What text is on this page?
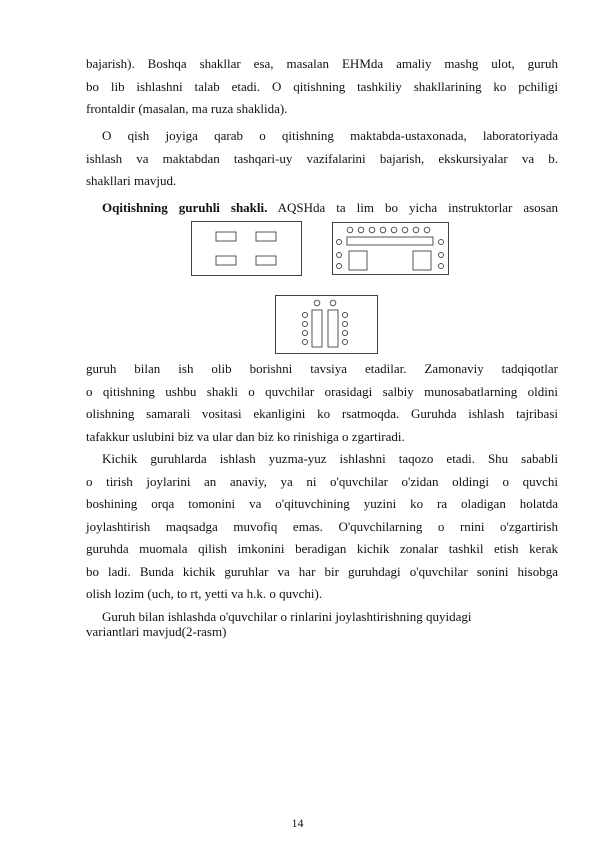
bajarish). Boshqa shakllar esa, masalan EHMda amaliy mashg ulot, guruh
bo lib ishlashni talab etadi. O qitishning tashkiliy shakllarining ko pchiligi
frontaldir (masalan, ma ruza shaklida).

O qish joyiga qarab o qitishning maktabda-ustaxonada, laboratoriyada
ishlash va maktabdan tashqari-uy vazifalarini bajarish, ekskursiyalar va b.
shakllari mavjud.

Oqitishning guruhli shakli. AQSHda ta lim bo yicha instruktorlar asosan

guruh bilan ish olib borishni tavsiya etadilar. Zamonaviy tadqiqotlar
o qitishning ushbu shakli o quvchilar orasidagi salbiy munosabatlarning oldini
olishning samarali vositasi ekanligini ko rsatmoqda. Guruhda ishlash tajribasi
tafakkur uslubini biz va ular dan biz ko rinishiga o zgartiradi.

Kichik guruhlarda ishlash yuzma-yuz ishlashni taqozo etadi. Shu sababli
o tirish joylarini an anaviy, ya ni o'quvchilar o'zidan oldingi o quvchi
boshining orqa tomonini va o'qituvchining yuzini ko ra oladigan holatda
joylashtirish maqsadga muvofiq emas. O'quvchilarning o rnini o'zgartirish
guruhda muomala qilish imkonini beradigan kichik zonalar tashkil etish kerak
bo ladi. Bunda kichik guruhlar va har bir guruhdagi o'quvchilar sonini hisobga
olish lozim (uch, to rt, yetti va h.k. o quvchi).

Guruh bilan ishlashda o'quvchilar o rinlarini joylashtirishning quyidagi
variantlari mavjud(2-rasm)

14
